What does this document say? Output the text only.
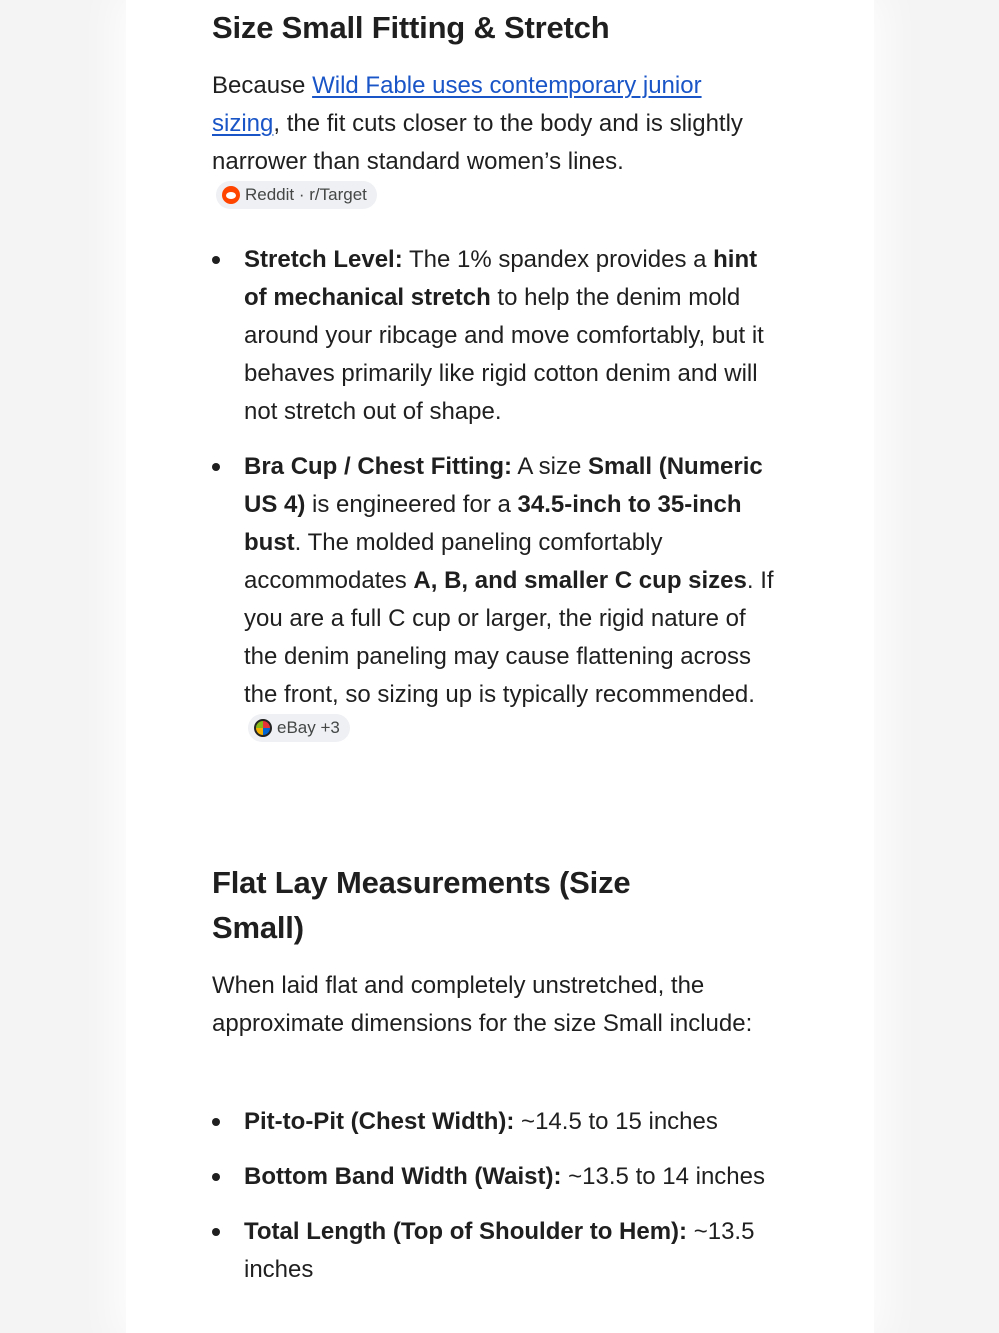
Size Small Fitting & Stretch

Because Wild Fable uses contemporary junior sizing, the fit cuts closer to the body and is slightly narrower than standard women’s lines.
Reddit · r/Target

Stretch Level: The 1% spandex provides a hint of mechanical stretch to help the denim mold around your ribcage and move comfortably, but it behaves primarily like rigid cotton denim and will not stretch out of shape.
Bra Cup / Chest Fitting: A size Small (Numeric US 4) is engineered for a 34.5-inch to 35-inch bust. The molded paneling comfortably accommodates A, B, and smaller C cup sizes. If you are a full C cup or larger, the rigid nature of the denim paneling may cause flattening across the front, so sizing up is typically recommended.
eBay +3
Flat Lay Measurements (Size Small)

When laid flat and completely unstretched, the approximate dimensions for the size Small include:

Pit-to-Pit (Chest Width): ~14.5 to 15 inches
Bottom Band Width (Waist): ~13.5 to 14 inches
Total Length (Top of Shoulder to Hem): ~13.5 inches
